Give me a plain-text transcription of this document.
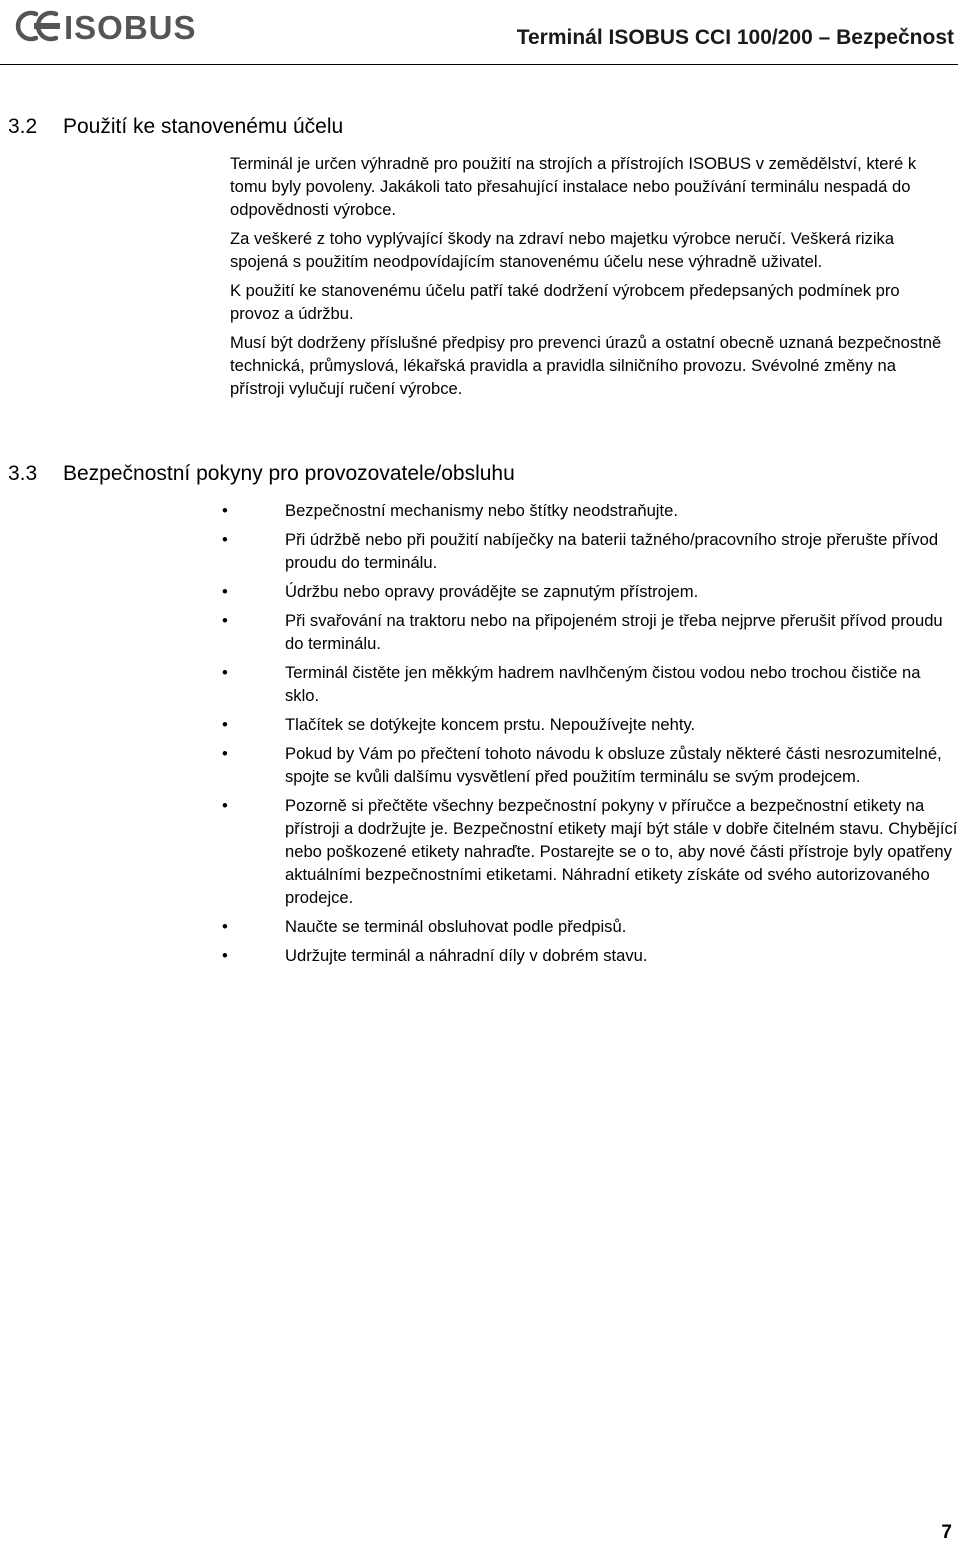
ISOBUS	Terminál ISOBUS CCI 100/200 – Bezpečnost
3.2 Použití ke stanovenému účelu

Terminál je určen výhradně pro použití na strojích a přístrojích ISOBUS v zemědělství, které k tomu byly povoleny. Jakákoli tato přesahující instalace nebo používání terminálu nespadá do odpovědnosti výrobce.

Za veškeré z toho vyplývající škody na zdraví nebo majetku výrobce neručí. Veškerá rizika spojená s použitím neodpovídajícím stanovenému účelu nese výhradně uživatel.

K použití ke stanovenému účelu patří také dodržení výrobcem předepsaných podmínek pro provoz a údržbu.

Musí být dodrženy příslušné předpisy pro prevenci úrazů a ostatní obecně uznaná bezpečnostně technická, průmyslová, lékařská pravidla a pravidla silničního provozu. Svévolné změny na přístroji vylučují ručení výrobce.

3.3 Bezpečnostní pokyny pro provozovatele/obsluhu
•	Bezpečnostní mechanismy nebo štítky neodstraňujte.
•	Při údržbě nebo při použití nabíječky na baterii tažného/pracovního stroje přerušte přívod proudu do terminálu.
•	Údržbu nebo opravy provádějte se zapnutým přístrojem.
•	Při svařování na traktoru nebo na připojeném stroji je třeba nejprve přerušit přívod proudu do terminálu.
•	Terminál čistěte jen měkkým hadrem navlhčeným čistou vodou nebo trochou čističe na sklo.
•	Tlačítek se dotýkejte koncem prstu. Nepoužívejte nehty.
•	Pokud by Vám po přečtení tohoto návodu k obsluze zůstaly některé části nesrozumitelné, spojte se kvůli dalšímu vysvětlení před použitím terminálu se svým prodejcem.
•	Pozorně si přečtěte všechny bezpečnostní pokyny v příručce a bezpečnostní etikety na přístroji a dodržujte je. Bezpečnostní etikety mají být stále v dobře čitelném stavu. Chybějící nebo poškozené etikety nahraďte. Postarejte se o to, aby nové části přístroje byly opatřeny aktuálními bezpečnostními etiketami. Náhradní etikety získáte od svého autorizovaného prodejce.
•	Naučte se terminál obsluhovat podle předpisů.
•	Udržujte terminál a náhradní díly v dobrém stavu.
7
